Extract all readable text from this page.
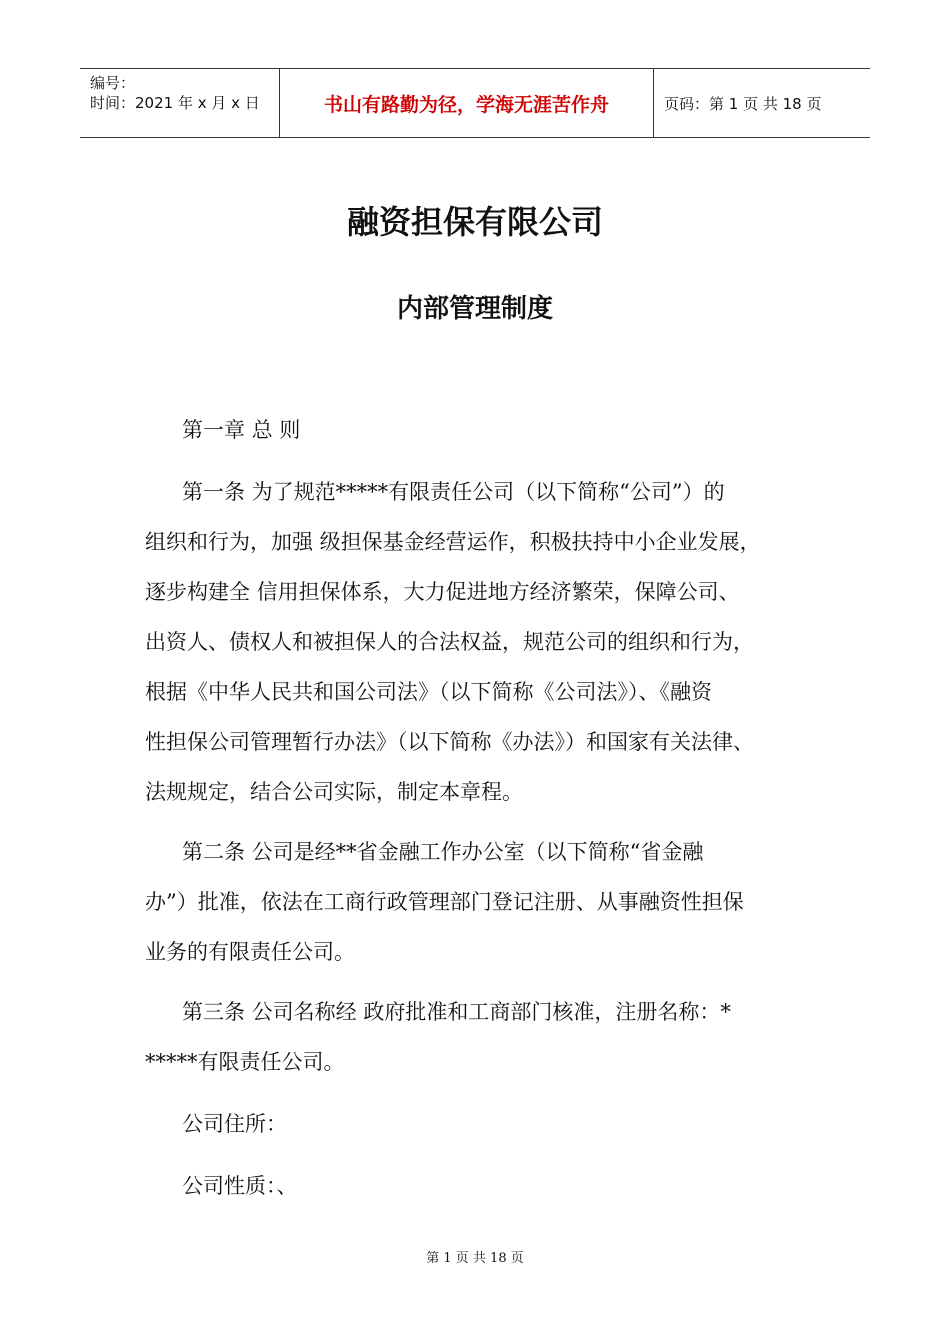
编号：
时间：2021 年 x 月 x 日	书山有路勤为径，学海无涯苦作舟	页码：第 1 页 共 18 页
融资担保有限公司
内部管理制度
第一章 总 则
第一条 为了规范*****有限责任公司（以下简称“公司”）的
组织和行为，加强 级担保基金经营运作，积极扶持中小企业发展，
逐步构建全 信用担保体系，大力促进地方经济繁荣，保障公司、
出资人、债权人和被担保人的合法权益，规范公司的组织和行为，
根据《中华人民共和国公司法》（以下简称《公司法》）、《融资
性担保公司管理暂行办法》（以下简称《办法》）和国家有关法律、
法规规定，结合公司实际，制定本章程。
第二条 公司是经**省金融工作办公室（以下简称“省金融
办”）批准，依法在工商行政管理部门登记注册、从事融资性担保
业务的有限责任公司。
第三条 公司名称经 政府批准和工商部门核准，注册名称：*
*****有限责任公司。
公司住所：
公司性质：、
第 1 页 共 18 页
